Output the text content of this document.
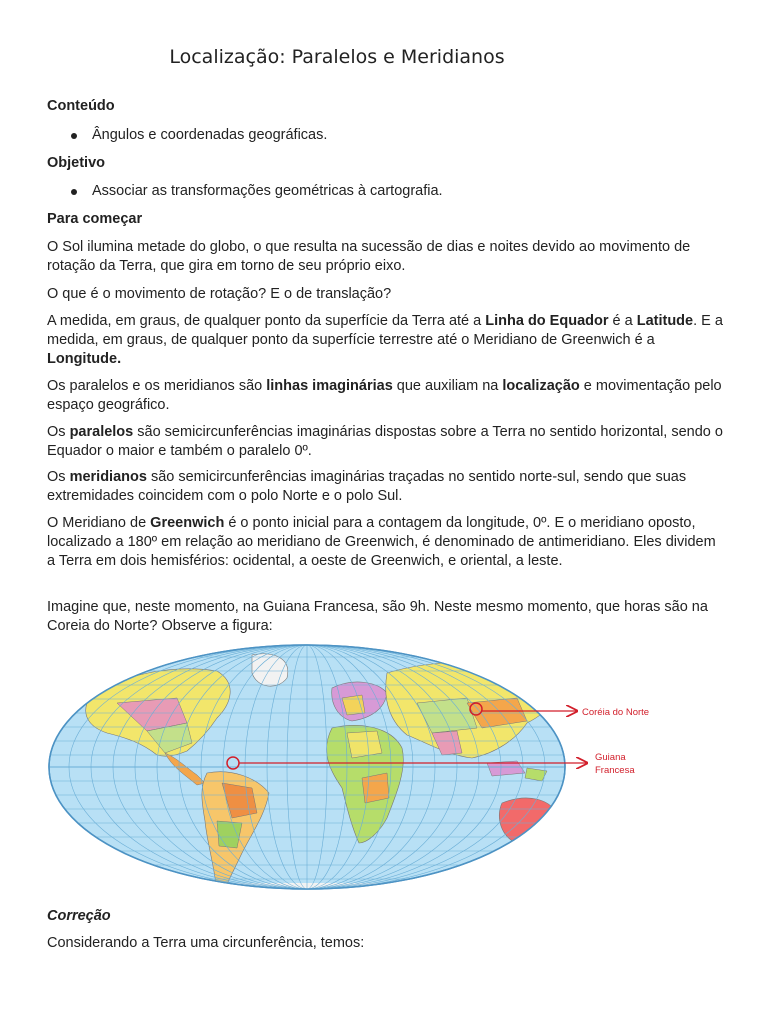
Localização: Paralelos e Meridianos

Conteúdo

Ângulos e coordenadas geográficas.

Objetivo

Associar as transformações geométricas à cartografia.

Para começar

O Sol ilumina metade do globo, o que resulta na sucessão de dias e noites devido ao movimento de rotação da Terra, que gira em torno de seu próprio eixo.

O que é o movimento de rotação? E o de translação?

A medida, em graus, de qualquer ponto da superfície da Terra até a Linha do Equador é a Latitude. E a medida, em graus, de qualquer ponto da superfície terrestre até o Meridiano de Greenwich é a Longitude.

Os paralelos e os meridianos são linhas imaginárias que auxiliam na localização e movimentação pelo espaço geográfico.

Os paralelos são semicircunferências imaginárias dispostas sobre a Terra no sentido horizontal, sendo o Equador o maior e também o paralelo 0º.

Os meridianos são semicircunferências imaginárias traçadas no sentido norte-sul, sendo que suas extremidades coincidem com o polo Norte e o polo Sul.

O Meridiano de Greenwich é o ponto inicial para a contagem da longitude, 0º. E o meridiano oposto, localizado a 180º em relação ao meridiano de Greenwich, é denominado de antimeridiano. Eles dividem a Terra em dois hemisférios: ocidental, a oeste de Greenwich, e oriental, a leste.

Imagine que, neste momento, na Guiana Francesa, são 9h. Neste mesmo momento, que horas são na Coreia do Norte? Observe a figura:

Coréia do Norte
Guiana
Francesa

Correção

Considerando a Terra uma circunferência, temos:
